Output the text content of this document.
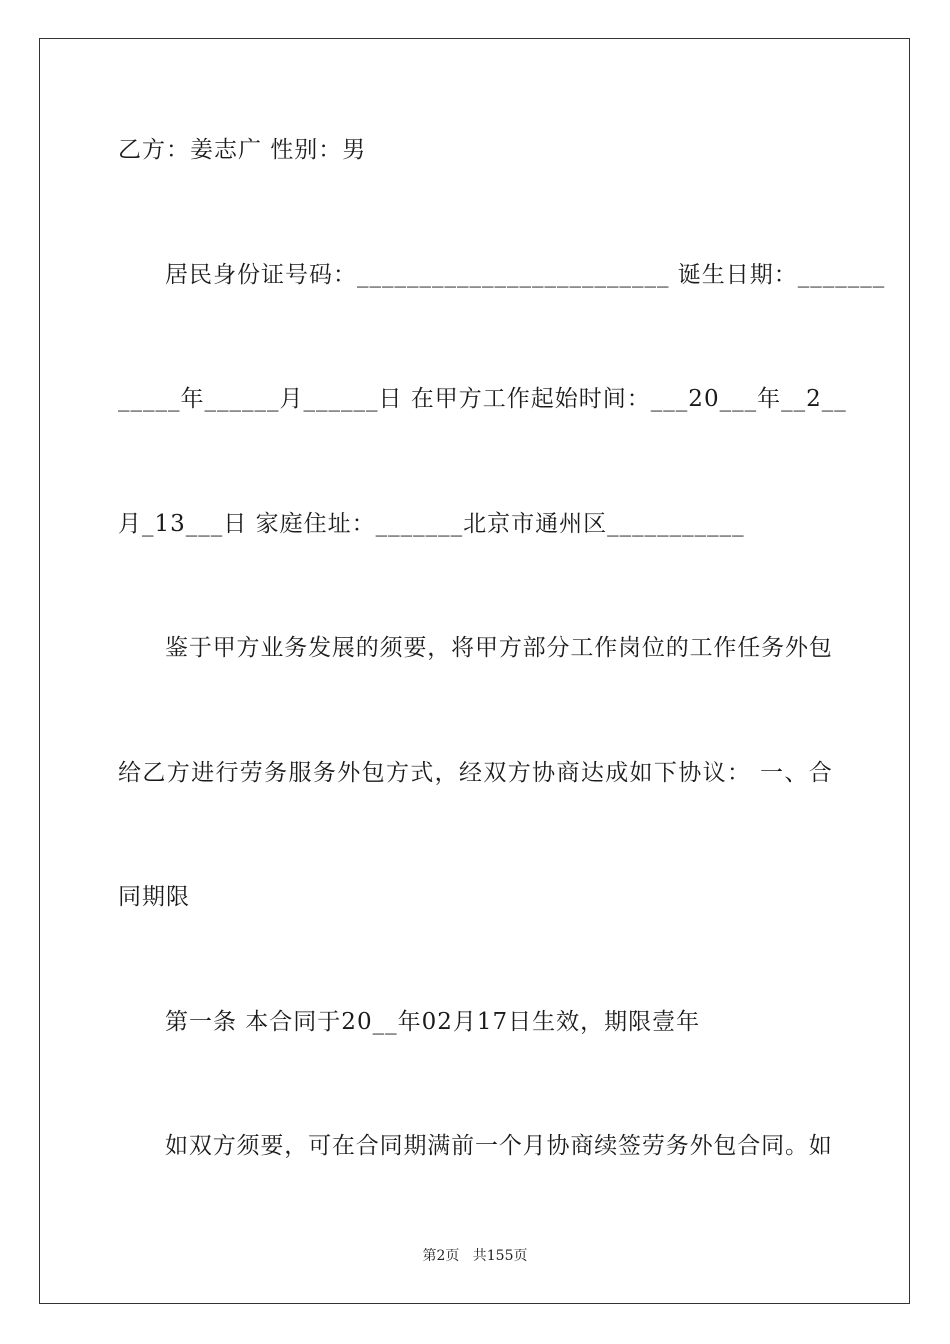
乙方：姜志广 性别：男
居民身份证号码：_________________________ 诞生日期：_______
_____年______月______日 在甲方工作起始时间：___20___年__2__
月_13___日 家庭住址：_______北京市通州区___________
鉴 于 甲 方 业 务 发 展 的 须 要 ， 将 甲 方 部 分 工 作 岗 位 的 工 作 任 务 外 包
给 乙 方 进 行 劳 务 服 务 外 包 方 式 ， 经 双 方 协 商 达 成 如 下 协 议 ：
一 、 合
同期限
第一条 本合同于20__年02月17日生效，期限壹年
如 双 方 须 要 ， 可 在 合 同 期 满 前 一 个 月 协 商 续 签 劳 务 外 包 合 同 。 如
第2页   共155页
